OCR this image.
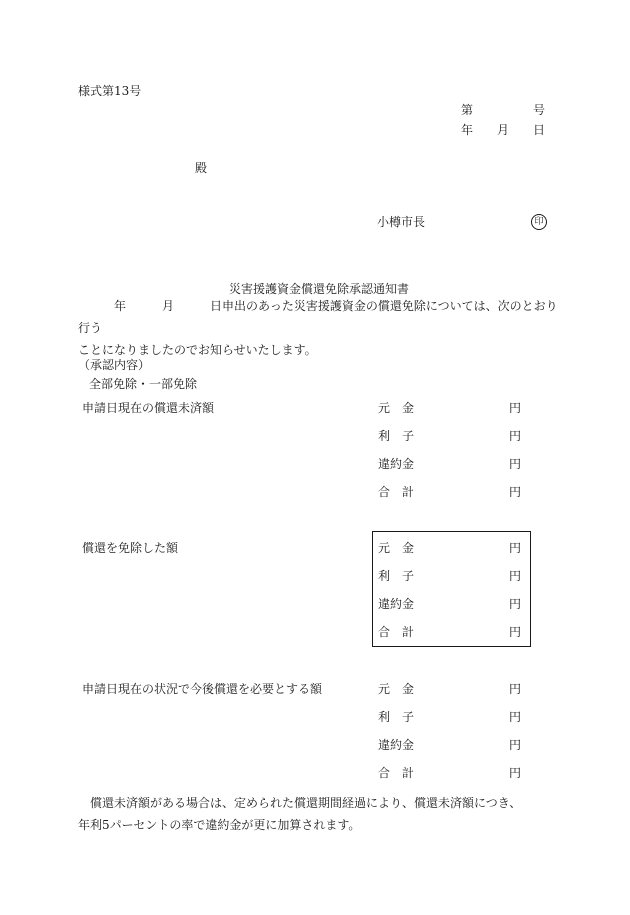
様式第13号
第	号
年 月 日
殿
小樽市長	印
災害援護資金償還免除承認通知書
　　　年　　　月　　　日申出のあった災害援護資金の償還免除については、次のとおり行う
ことになりましたのでお知らせいたします。
（承認内容）
全部免除・一部免除
申請日現在の償還未済額	元　金	円
利　子	円
違約金	円
合　計	円
償還を免除した額	元　金	円
利　子	円
違約金	円
合　計	円
申請日現在の状況で今後償還を必要とする額	元　金	円
利　子	円
違約金	円
合　計	円
　償還未済額がある場合は、定められた償還期間経過により、償還未済額につき、
年利5パーセントの率で違約金が更に加算されます。
